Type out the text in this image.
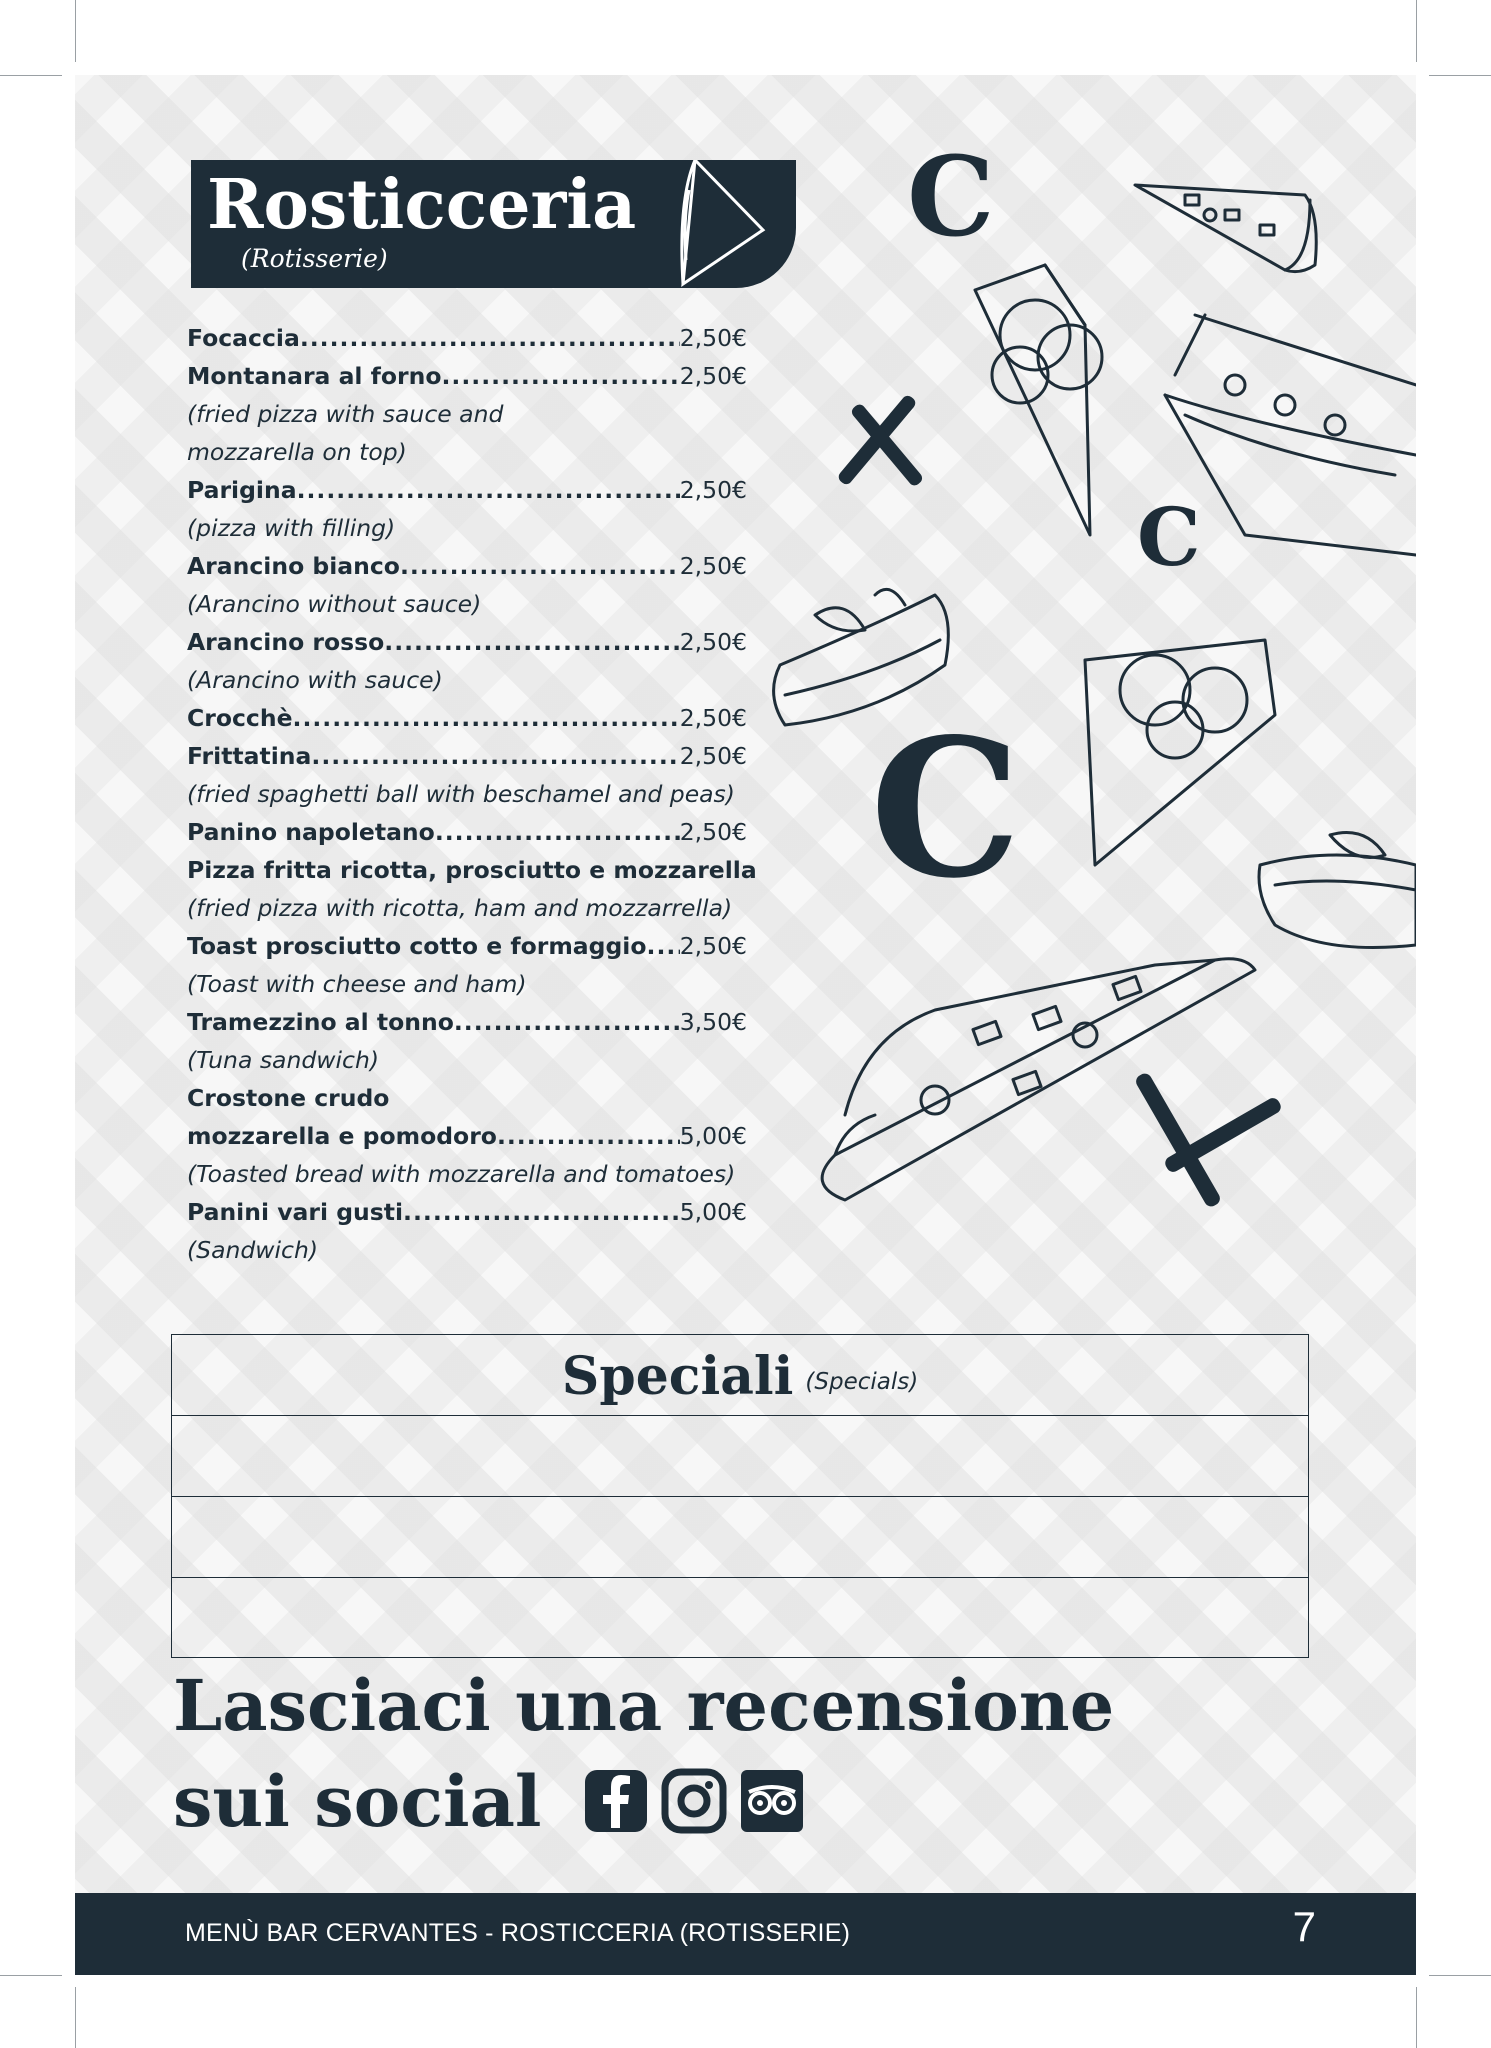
C
C
C
Rosticceria
(Rotisserie)
Focaccia .....	2,50€
Montanara al forno .....	2,50€
(fried pizza with sauce and
mozzarella on top)
Parigina .....	2,50€
(pizza with filling)
Arancino bianco .....	2,50€
(Arancino without sauce)
Arancino rosso .....	2,50€
(Arancino with sauce)
Crocchè .....	2,50€
Frittatina .....	2,50€
(fried spaghetti ball with beschamel and peas)
Panino napoletano .....	2,50€
Pizza fritta ricotta, prosciutto e mozzarella
(fried pizza with ricotta, ham and mozzarrella)
Toast prosciutto cotto e formaggio ..... 2,50€
(Toast with cheese and ham)
Tramezzino al tonno .....	3,50€
(Tuna sandwich)
Crostone crudo
mozzarella e pomodoro .....	5,00€
(Toasted bread with mozzarella and tomatoes)
Panini vari gusti .....	5,00€
(Sandwich)
Speciali (Specials)
Lasciaci una recensione
sui social
MENÙ BAR CERVANTES - ROSTICCERIA (ROTISSERIE)	7
